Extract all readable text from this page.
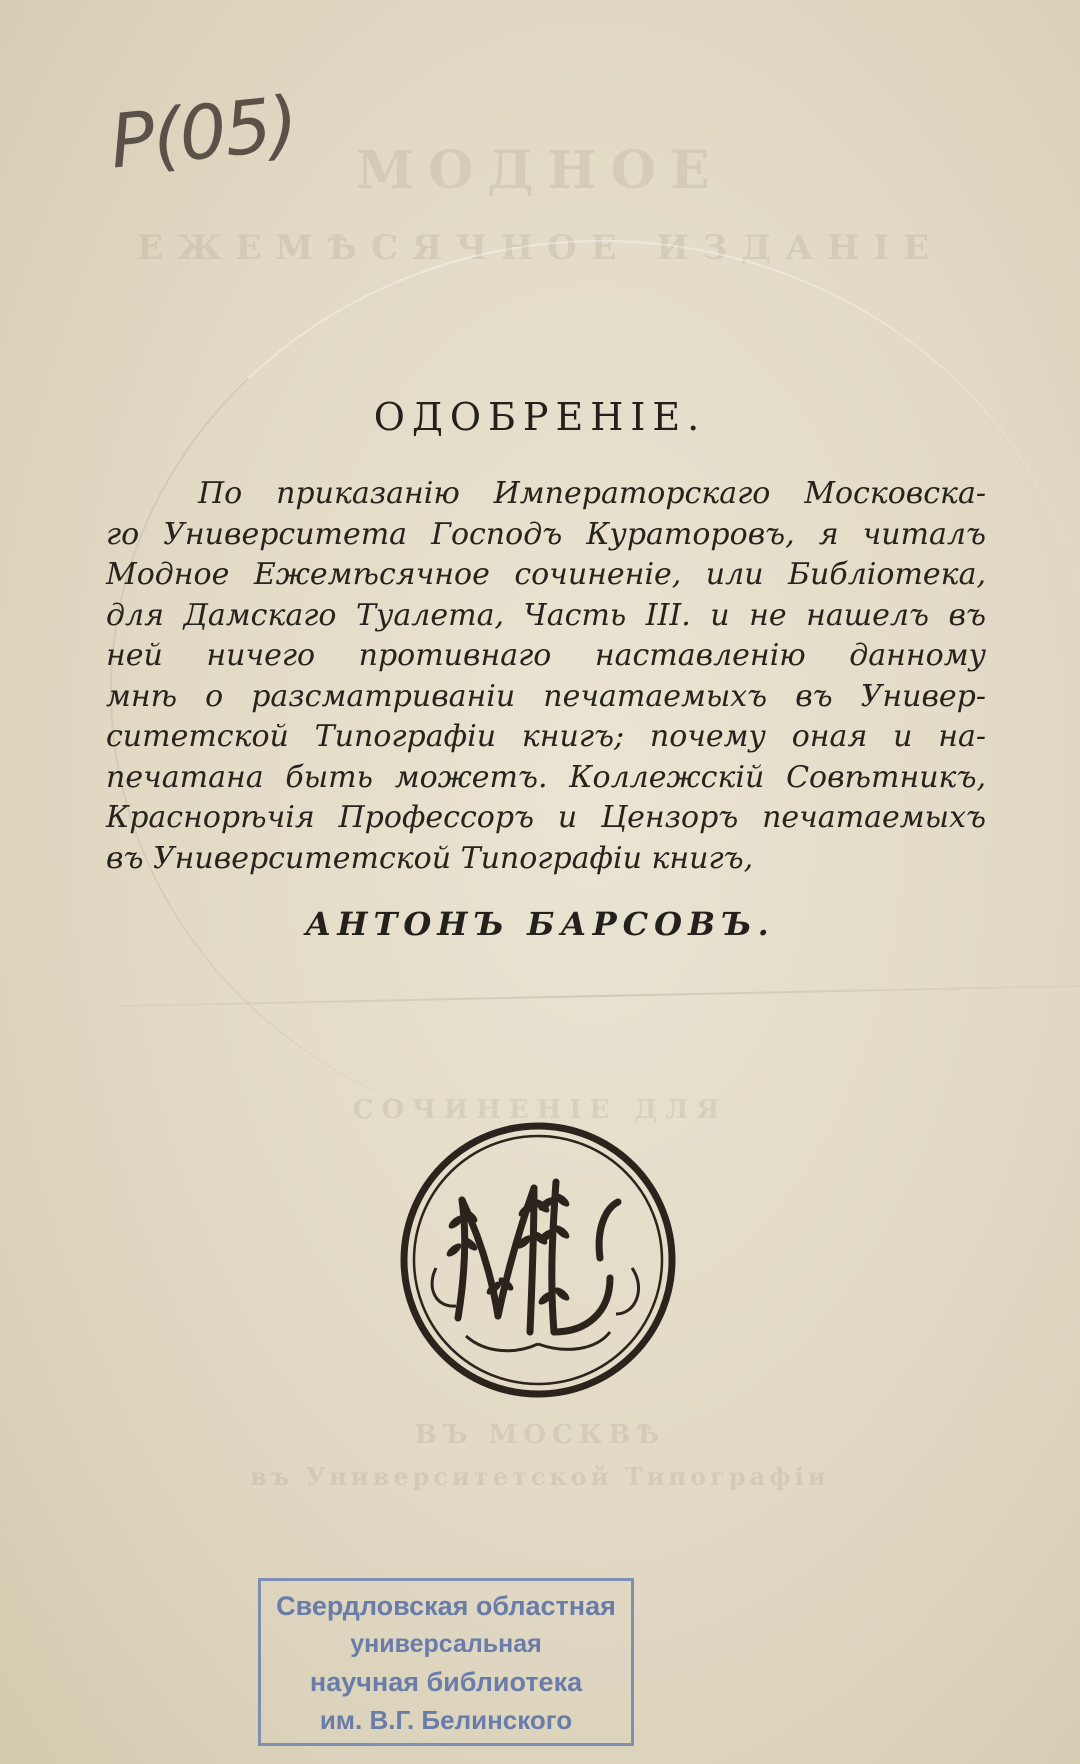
МОДНОЕ
ЕЖЕМѢСЯЧНОЕ ИЗДАНІЕ
СОЧИНЕНІЕ ДЛЯ
ВЪ МОСКВѢ
въ Университетской Типографіи
P(05)
ОДОБРЕНІЕ.
По приказанію Императорскаго Московска-
го Университета Господъ Кураторовъ, я читалъ
Модное Ежемѣсячное сочиненіе, или Библіотека,
для Дамскаго Туалета, Часть III. и не нашелъ въ
ней ничего противнаго наставленію данному
мнѣ о разсматриваніи печатаемыхъ въ Универ-
ситетской Типографіи книгъ; почему оная и на-
печатана быть можетъ. Коллежскій Совѣтникъ,
Краснорѣчія Профессоръ и Цензоръ печатаемыхъ
въ Университетской Типографіи книгъ,
АНТОНЪ БАРСОВЪ.
Свердловская областная
универсальная
научная библиотека
им. В.Г. Белинского
